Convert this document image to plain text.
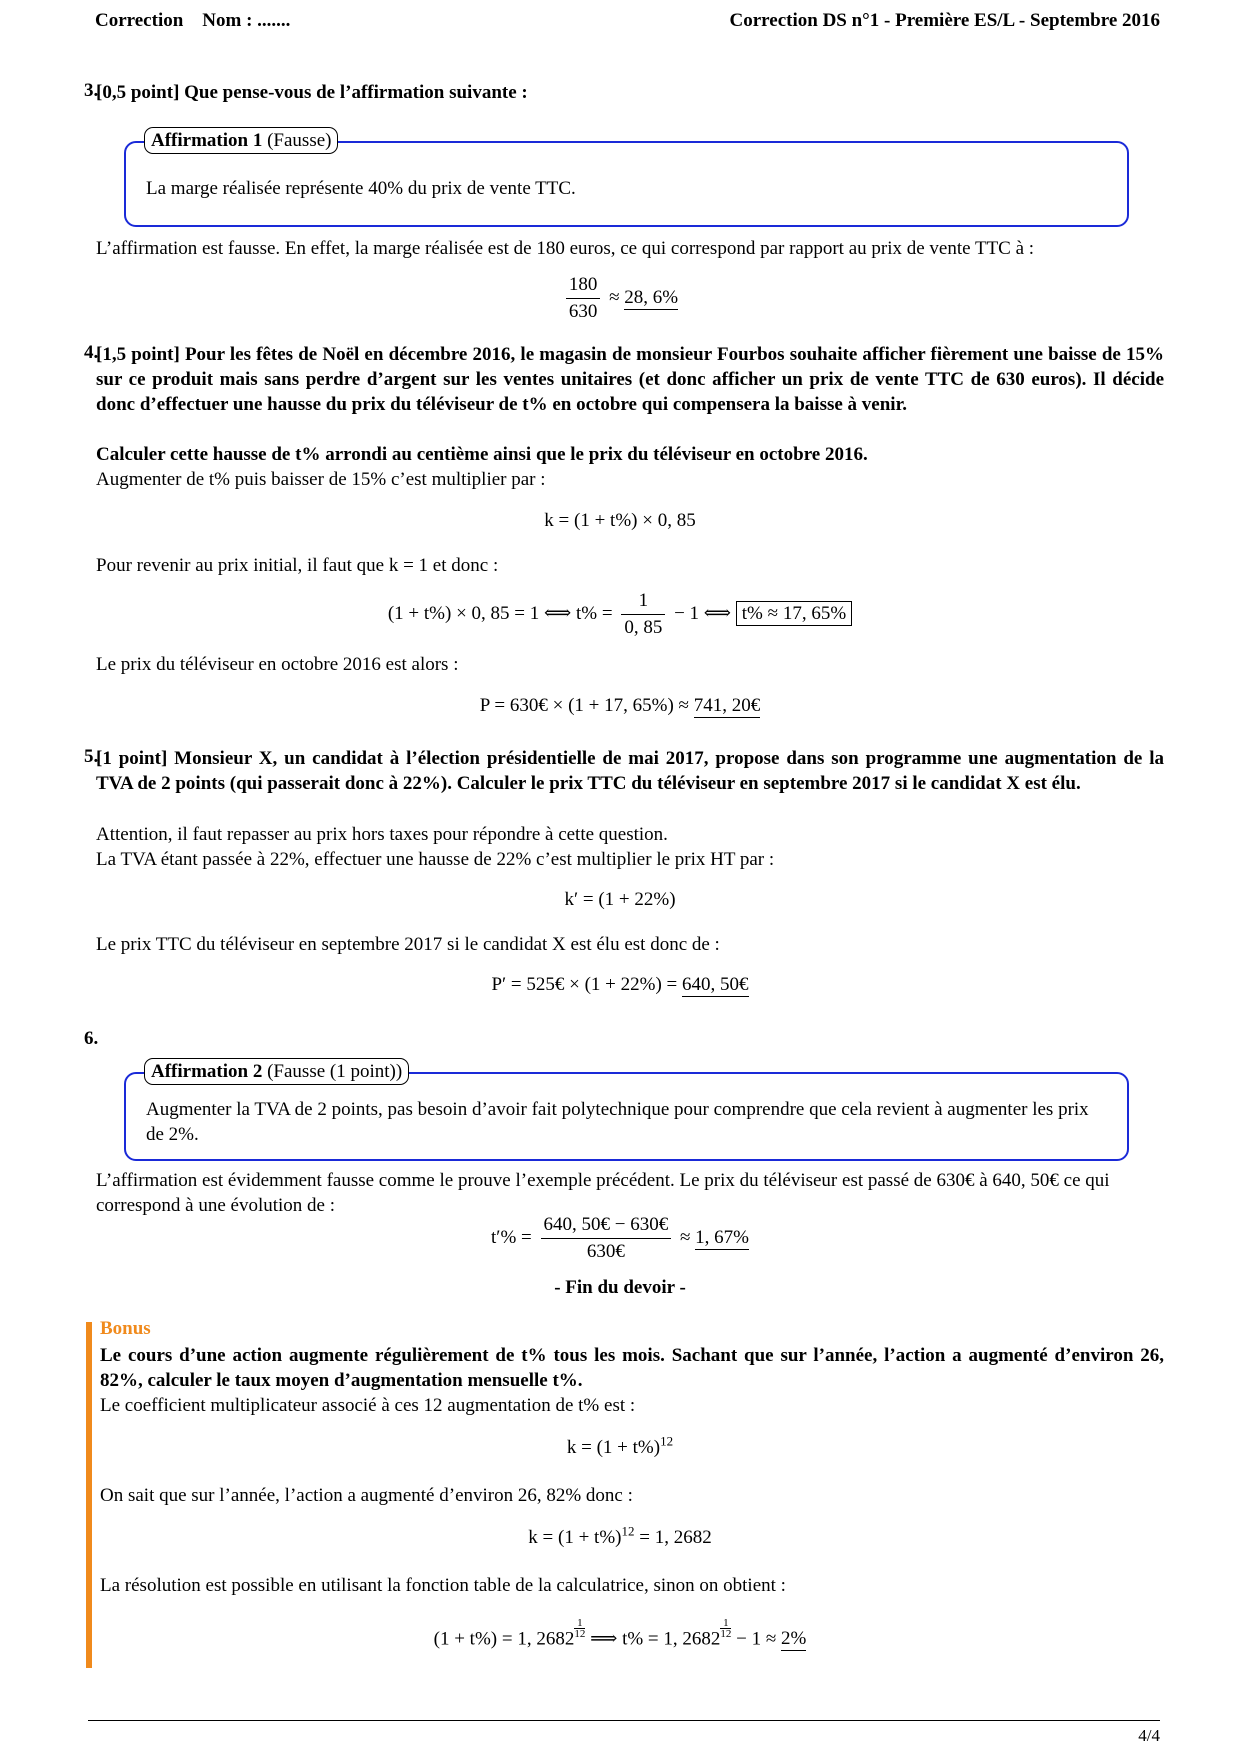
Correction    Nom : .......	Correction DS n°1 - Première ES/L - Septembre 2016
3.
[0,5 point] Que pense-vous de l’affirmation suivante :
Affirmation 1 (Fausse)
La marge réalisée représente 40% du prix de vente TTC.
L’affirmation est fausse. En effet, la marge réalisée est de 180 euros, ce qui correspond par rapport au prix de vente TTC à :
$\frac{180}{630} \approx 28$, 6%
4.
[1,5 point] Pour les fêtes de Noël en décembre 2016, le magasin de monsieur Fourbos souhaite afficher fièrement une baisse de 15% sur ce produit mais sans perdre d’argent sur les ventes unitaires (et donc afficher un prix de vente TTC de 630 euros). Il décide donc d’effectuer une hausse du prix du téléviseur de t% en octobre qui compensera la baisse à venir.
Calculer cette hausse de t% arrondi au centième ainsi que le prix du téléviseur en octobre 2016.
Augmenter de t% puis baisser de 15% c’est multiplier par :
k = (1 + t%) × 0, 85
Pour revenir au prix initial, il faut que k = 1 et donc :
(1 + t%) × 0, 85 = 1 ⟺ $t\% = \frac{1}{0, 85} - 1$ ⟺ t% ≈ 17, 65%
Le prix du téléviseur en octobre 2016 est alors :
P = 630€ × (1 + 17, 65%) ≈ 741, 20€
5.
[1 point] Monsieur X, un candidat à l’élection présidentielle de mai 2017, propose dans son programme une augmentation de la TVA de 2 points (qui passerait donc à 22%). Calculer le prix TTC du téléviseur en septembre 2017 si le candidat X est élu.
Attention, il faut repasser au prix hors taxes pour répondre à cette question.
La TVA étant passée à 22%, effectuer une hausse de 22% c’est multiplier le prix HT par :
k′ = (1 + 22%)
Le prix TTC du téléviseur en septembre 2017 si le candidat X est élu est donc de :
P′ = 525€ × (1 + 22%) = 640, 50€
6.
Affirmation 2 (Fausse (1 point))
Augmenter la TVA de 2 points, pas besoin d’avoir fait polytechnique pour comprendre que cela revient à augmenter les prix de 2%.
L’affirmation est évidemment fausse comme le prouve l’exemple précédent. Le prix du téléviseur est passé de 630€ à 640, 50€ ce qui correspond à une évolution de :
$t'\% = \frac{640, 50€ - 630€}{630€} \approx 1$, 67%
- Fin du devoir -
Bonus
Le cours d’une action augmente régulièrement de t% tous les mois. Sachant que sur l’année, l’action a augmenté d’environ 26, 82%, calculer le taux moyen d’augmentation mensuelle t%.
Le coefficient multiplicateur associé à ces 12 augmentation de t% est :
$k = (1 + t\%)^{12}$
On sait que sur l’année, l’action a augmenté d’environ 26, 82% donc :
$k = (1 + t\%)^{12} = 1$, 2682
La résolution est possible en utilisant la fonction table de la calculatrice, sinon on obtient :
(1 + t%) = 1, $2682 \frac{1}{12}$ ⟹ t% = 1, $2682 \frac{1}{12} - 1 \approx 2\%$
4/4
